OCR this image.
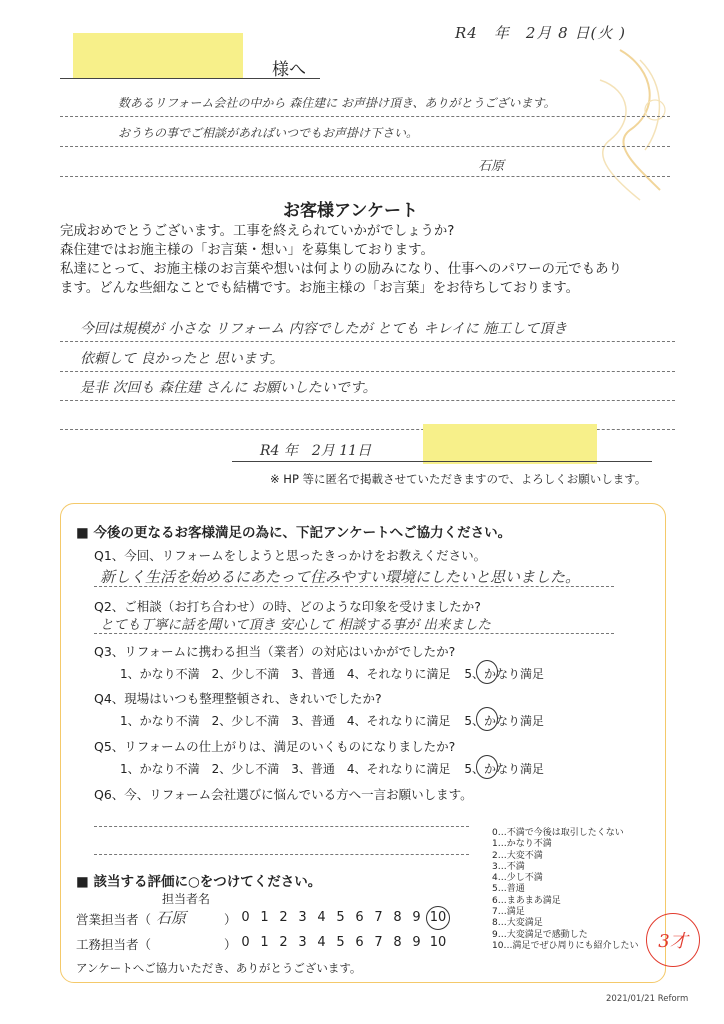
R4　年　2月 8 日(火 )
様へ
数あるリフォーム会社の中から 森住建に お声掛け頂き、ありがとうございます。
おうちの事でご相談があればいつでもお声掛け下さい。
石原
お客様アンケート
完成おめでとうございます。工事を終えられていかがでしょうか?
森住建ではお施主様の「お言葉・想い」を募集しております。
私達にとって、お施主様のお言葉や想いは何よりの励みになり、仕事へのパワーの元でもあり
ます。どんな些細なことでも結構です。お施主様の「お言葉」をお待ちしております。
今回は規模が 小さな リフォーム 内容でしたが とても キレイに 施工して頂き
依頼して 良かったと 思います。
是非 次回も 森住建 さんに お願いしたいです。
R4 年　2月 11日
※ HP 等に匿名で掲載させていただきますので、よろしくお願いします。
■ 今後の更なるお客様満足の為に、下記アンケートへご協力ください。
Q1、今回、リフォームをしようと思ったきっかけをお教えください。
新しく生活を始めるにあたって住みやすい環境にしたいと思いました。
Q2、ご相談（お打ち合わせ）の時、どのような印象を受けましたか?
とても丁寧に話を聞いて頂き 安心して 相談する事が 出来ました
Q3、リフォームに携わる担当（業者）の対応はいかがでしたか?
1、かなり不満　2、少し不満　3、普通　4、それなりに満足 5、かなり満足
Q4、現場はいつも整理整頓され、きれいでしたか?
1、かなり不満　2、少し不満　3、普通　4、それなりに満足 5、かなり満足
Q5、リフォームの仕上がりは、満足のいくものになりましたか?
1、かなり不満　2、少し不満　3、普通　4、それなりに満足 5、かなり満足
Q6、今、リフォーム会社選びに悩んでいる方へ一言お願いします。
0…不満で今後は取引したくない
1…かなり不満
2…大変不満
3…不満
4…少し不満
5…普通
6…まあまあ満足
7…満足
8…大変満足
9…大変満足で感動した
10…満足でぜひ周りにも紹介したい
■ 該当する評価に○をつけてください。
担当者名
営業担当者（ 石原	） 0 1 2 3 4 5 6 7 8 9 10
工務担当者（	） 0 1 2 3 4 5 6 7 8 9 10
アンケートへご協力いただき、ありがとうございます。
3才
2021/01/21 Reform
